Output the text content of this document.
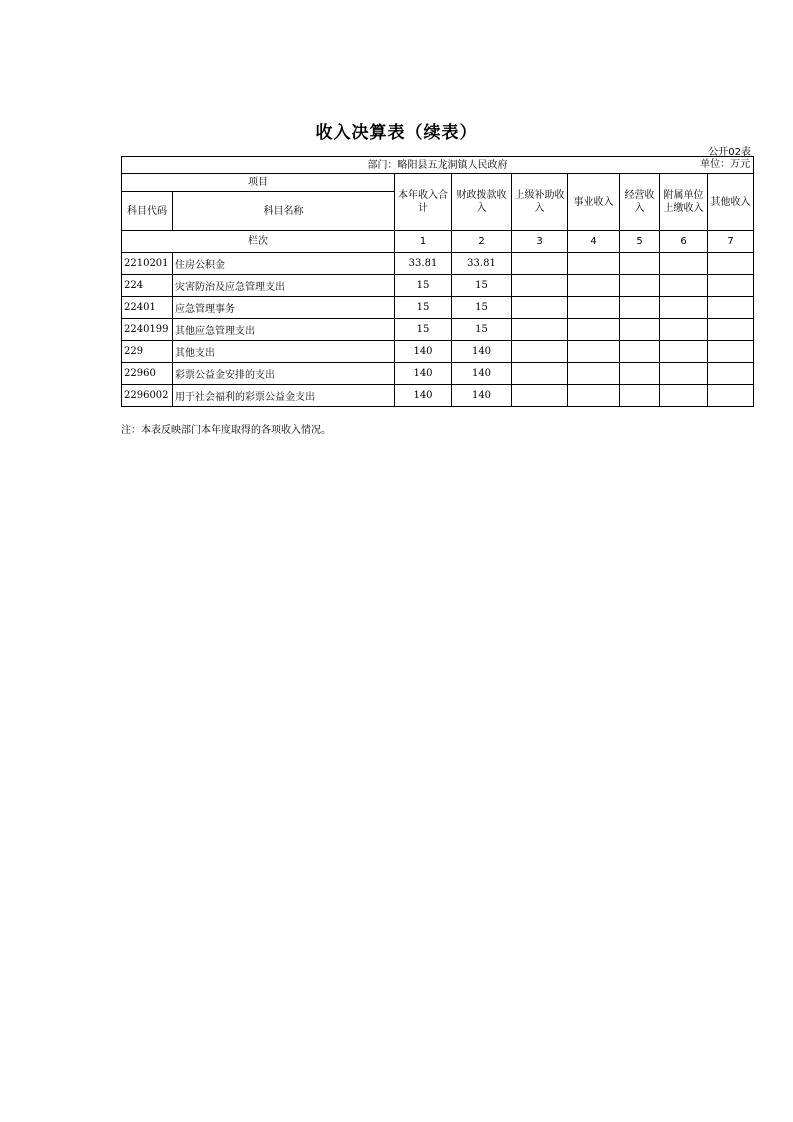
收入决算表（续表）
公开02表
部门：略阳县五龙洞镇人民政府 单位：万元								

项目		本年收入合计	财政拨款收入	上级补助收入	事业收入	经营收入	附属单位上缴收入	其他收入
科目代码	科目名称							
栏次		1	2	3	4	5	6	7
2210201	住房公积金	33.81	33.81					
224	灾害防治及应急管理支出	15	15					
22401	应急管理事务	15	15					
2240199	其他应急管理支出	15	15					
229	其他支出	140	140					
22960	彩票公益金安排的支出	140	140					
2296002	用于社会福利的彩票公益金支出	140	140					
注：本表反映部门本年度取得的各项收入情况。
